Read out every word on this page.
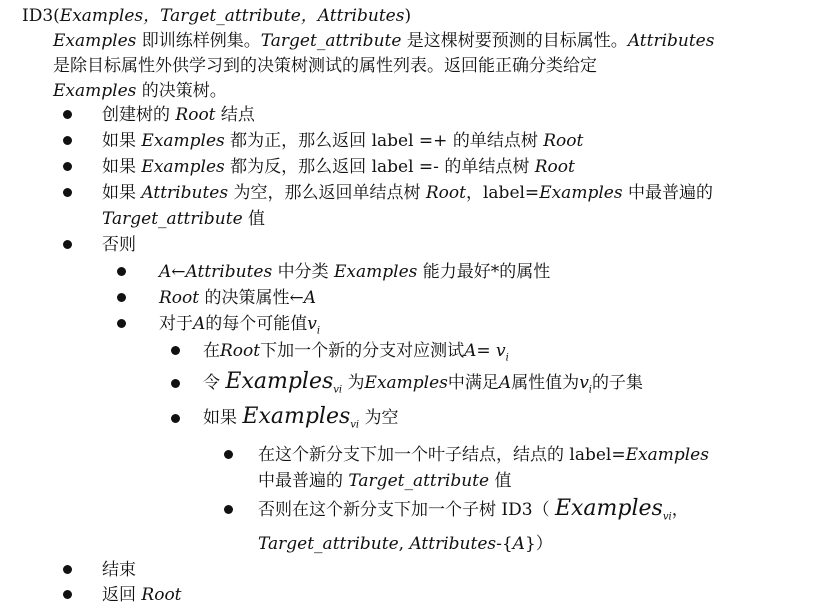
ID3(Examples，Target_attribute，Attributes)
Examples 即训练样例集。Target_attribute 是这棵树要预测的目标属性。Attributes
是除目标属性外供学习到的决策树测试的属性列表。返回能正确分类给定
Examples 的决策树。
创建树的 Root 结点
如果 Examples 都为正，那么返回 label =+ 的单结点树 Root
如果 Examples 都为反，那么返回 label =- 的单结点树 Root
如果 Attributes 为空，那么返回单结点树 Root，label=Examples 中最普遍的
Target_attribute 值
否则
A←Attributes 中分类 Examples 能力最好*的属性
Root 的决策属性←A
对于A的每个可能值$v_i$
在Root下加一个新的分支对应测试$A= v_i$
令 Examples$_{vi}$ 为Examples中满足A属性值为$v_i$的子集
如果 Examples$_{vi}$ 为空
在这个新分支下加一个叶子结点，结点的 label=Examples
中最普遍的 Target_attribute 值
否则在这个新分支下加一个子树 ID3（ Examples$_{vi}$，
Target_attribute, Attributes-{A}）
结束
返回 Root
